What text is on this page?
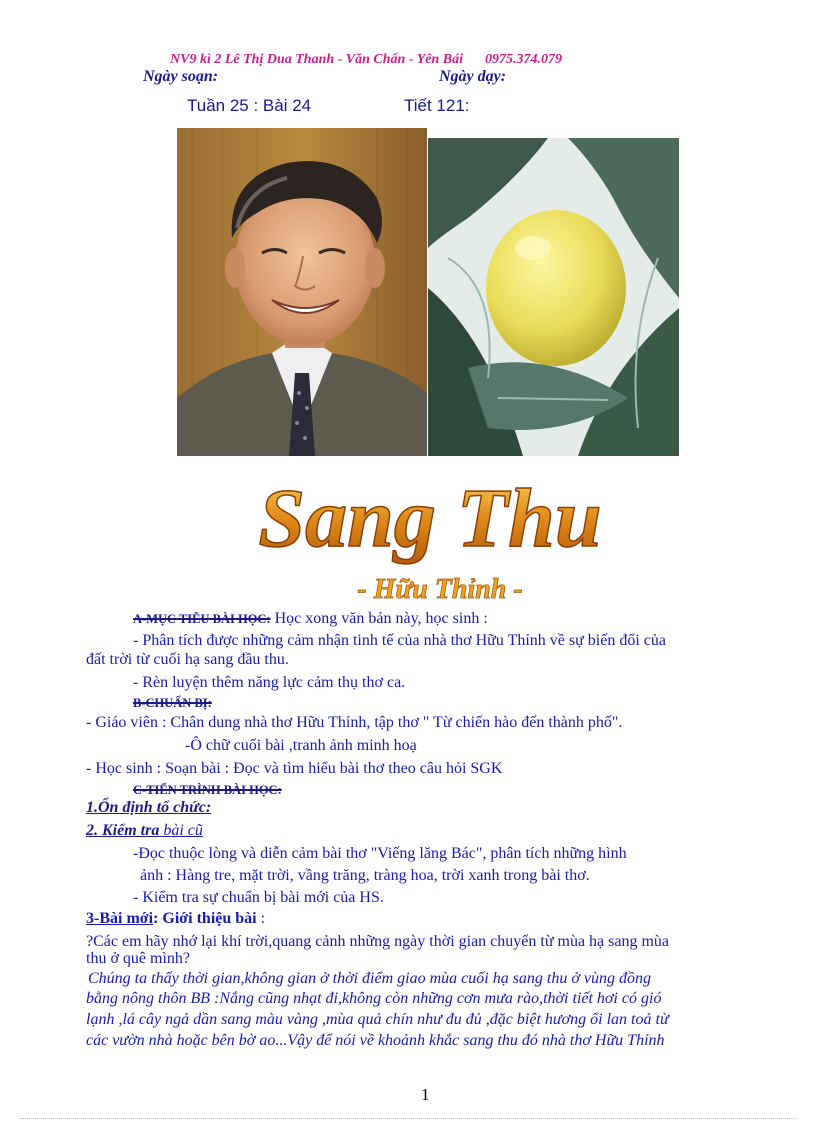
NV9 kì 2 Lê Thị Dua Thanh - Văn Chấn - Yên Bái 0975.374.079
Ngày soạn:	Ngày dạy:
Tuần 25 : Bài 24	Tiết 121:
Sang Thu
- Hữu Thỉnh -
A-MỤC TIÊU BÀI HỌC: Học xong văn bản này, học sinh :
- Phân tích được những cảm nhận tinh tế của nhà thơ Hữu Thỉnh về sự biến đổi của
đất trời từ cuối hạ sang đầu thu.
- Rèn luyện thêm năng lực cảm thụ thơ ca.
B-CHUẨN BỊ:
- Giáo viên : Chân dung nhà thơ Hữu Thỉnh, tập thơ " Từ chiến hào đến thành phố".
-Ô chữ cuối bài ,tranh ảnh minh hoạ
- Học sinh : Soạn bài : Đọc và tìm hiểu bài thơ theo câu hỏi SGK
C-TIẾN TRÌNH BÀI HỌC:
1.Ổn định tổ chức:
2. Kiểm tra bài cũ
-Đọc thuộc lòng và diễn cảm bài thơ "Viếng lăng Bác", phân tích những hình
ảnh : Hàng tre, mặt trời, vầng trăng, tràng hoa, trời xanh trong bài thơ.
- Kiểm tra sự chuẩn bị bài mới của HS.
3-Bài mới: Giới thiệu bài :
?Các em hãy nhớ lại khí trời,quang cảnh những ngày thời gian chuyển từ mùa hạ sang mùa
thu ở quê mình?
Chúng ta thấy thời gian,không gian ở thời điểm giao mùa cuối hạ sang thu ở vùng đồng
bằng nông thôn BB :Nắng cũng nhạt đi,không còn những cơn mưa rào,thời tiết hơi có gió
lạnh ,lá cây ngả dần sang màu vàng ,mùa quả chín như đu đủ ,đặc biệt hương ổi lan toả từ
các vườn nhà hoặc bên bờ ao...Vậy để nói về khoảnh khắc sang thu đó nhà thơ Hữu Thỉnh
1
